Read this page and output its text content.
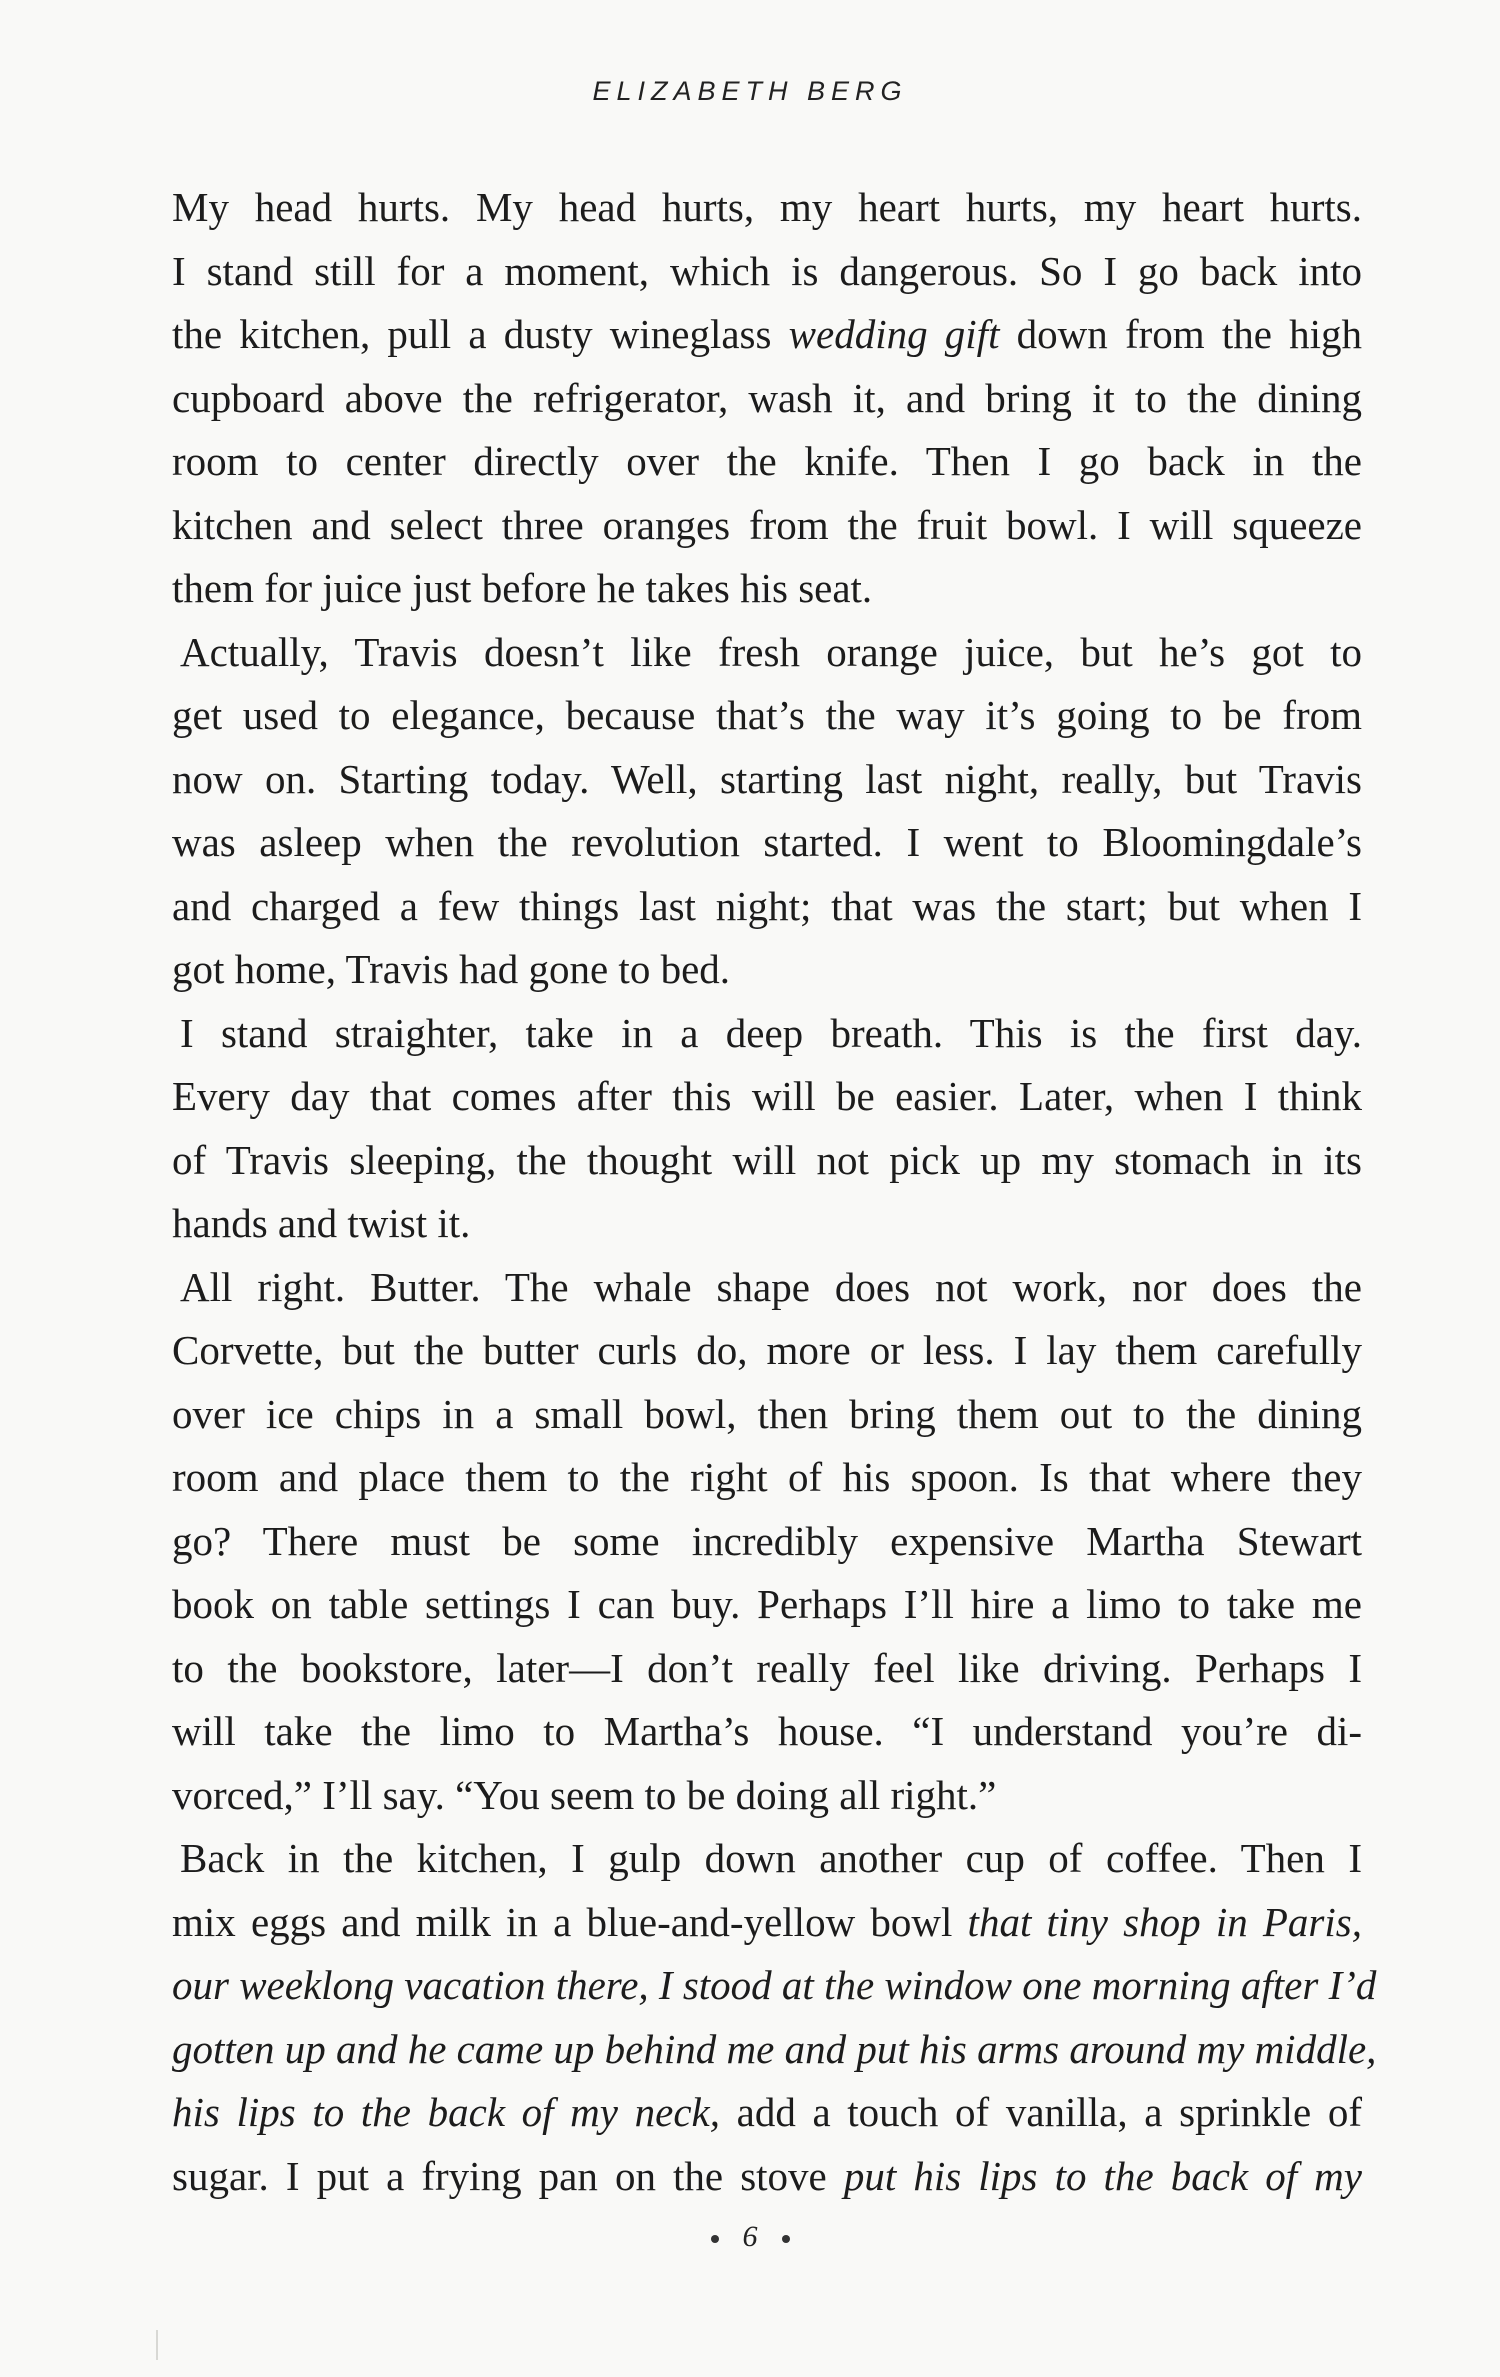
ELIZABETH BERG
My head hurts. My head hurts, my heart hurts, my heart hurts.
I stand still for a moment, which is dangerous. So I go back into
the kitchen, pull a dusty wineglass wedding gift down from the high
cupboard above the refrigerator, wash it, and bring it to the dining
room to center directly over the knife. Then I go back in the
kitchen and select three oranges from the fruit bowl. I will squeeze
them for juice just before he takes his seat.
Actually, Travis doesn’t like fresh orange juice, but he’s got to
get used to elegance, because that’s the way it’s going to be from
now on. Starting today. Well, starting last night, really, but Travis
was asleep when the revolution started. I went to Bloomingdale’s
and charged a few things last night; that was the start; but when I
got home, Travis had gone to bed.
I stand straighter, take in a deep breath. This is the first day.
Every day that comes after this will be easier. Later, when I think
of Travis sleeping, the thought will not pick up my stomach in its
hands and twist it.
All right. Butter. The whale shape does not work, nor does the
Corvette, but the butter curls do, more or less. I lay them carefully
over ice chips in a small bowl, then bring them out to the dining
room and place them to the right of his spoon. Is that where they
go? There must be some incredibly expensive Martha Stewart
book on table settings I can buy. Perhaps I’ll hire a limo to take me
to the bookstore, later—I don’t really feel like driving. Perhaps I
will take the limo to Martha’s house. “I understand you’re di-
vorced,” I’ll say. “You seem to be doing all right.”
Back in the kitchen, I gulp down another cup of coffee. Then I
mix eggs and milk in a blue-and-yellow bowl that tiny shop in Paris,
our weeklong vacation there, I stood at the window one morning after I’d
gotten up and he came up behind me and put his arms around my middle,
his lips to the back of my neck, add a touch of vanilla, a sprinkle of
sugar. I put a frying pan on the stove put his lips to the back of my
6
